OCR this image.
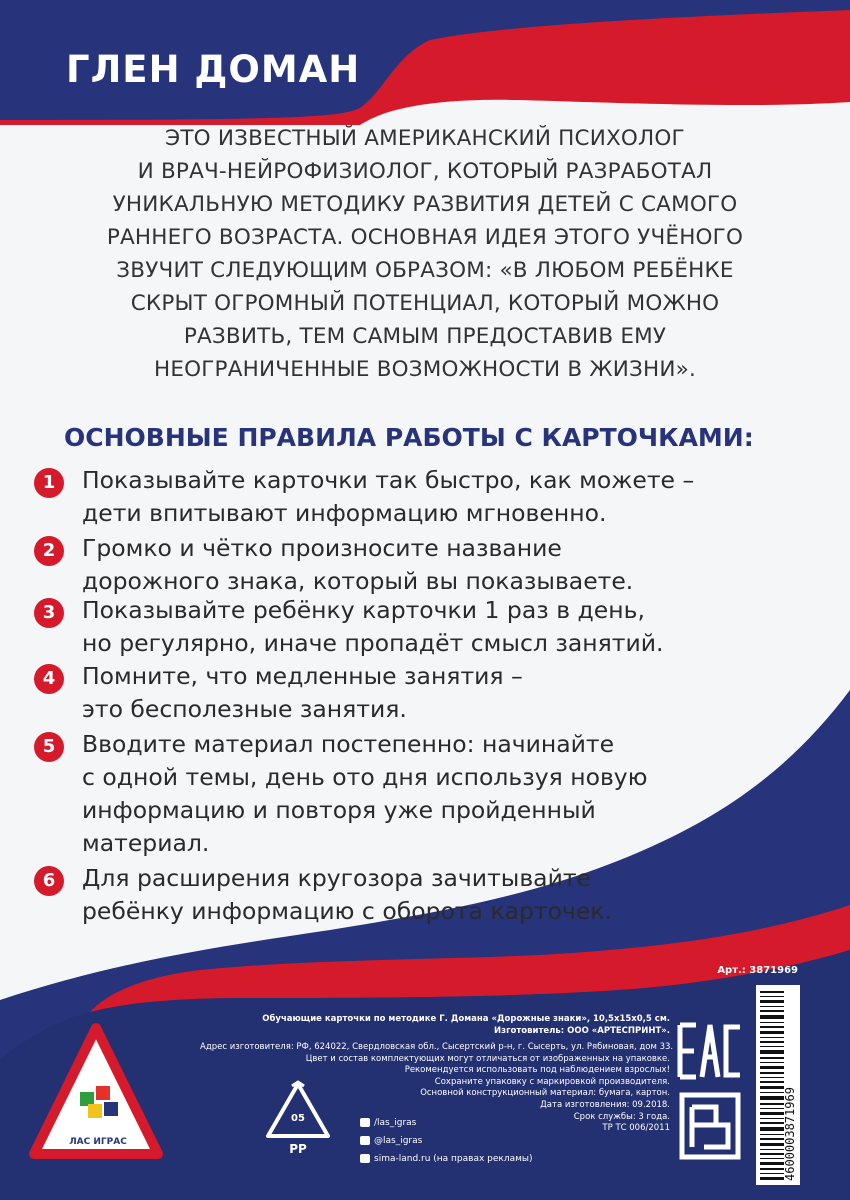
ГЛЕН ДОМАН

ЭТО ИЗВЕСТНЫЙ АМЕРИКАНСКИЙ ПСИХОЛОГ
И ВРАЧ-НЕЙРОФИЗИОЛОГ, КОТОРЫЙ РАЗРАБОТАЛ
УНИКАЛЬНУЮ МЕТОДИКУ РАЗВИТИЯ ДЕТЕЙ С САМОГО
РАННЕГО ВОЗРАСТА. ОСНОВНАЯ ИДЕЯ ЭТОГО УЧЁНОГО
ЗВУЧИТ СЛЕДУЮЩИМ ОБРАЗОМ: «В ЛЮБОМ РЕБЁНКЕ
СКРЫТ ОГРОМНЫЙ ПОТЕНЦИАЛ, КОТОРЫЙ МОЖНО
РАЗВИТЬ, ТЕМ САМЫМ ПРЕДОСТАВИВ ЕМУ
НЕОГРАНИЧЕННЫЕ ВОЗМОЖНОСТИ В ЖИЗНИ».

ОСНОВНЫЕ ПРАВИЛА РАБОТЫ С КАРТОЧКАМИ:
1	Показывайте карточки так быстро, как можете –
дети впитывают информацию мгновенно.
2	Громко и чётко произносите название
дорожного знака, который вы показываете.
3	Показывайте ребёнку карточки 1 раз в день,
но регулярно, иначе пропадёт смысл занятий.
4	Помните, что медленные занятия –
это бесполезные занятия.
5	Вводите материал постепенно: начинайте
с одной темы, день ото дня используя новую
информацию и повторя уже пройденный
материал.
6	Для расширения кругозора зачитывайте
ребёнку информацию с оборота карточек.
Арт.: 3871969
Обучающие карточки по методике Г. Домана «Дорожные знаки», 10,5х15х0,5 см.
Изготовитель: ООО «АРТЕСПРИНТ».
Адрес изготовителя: РФ, 624022, Свердловская обл., Сысертский р-н, г. Сысерть, ул. Рябиновая, дом 33.
Цвет и состав комплектующих могут отличаться от изображенных на упаковке.
Рекомендуется использовать под наблюдением взрослых!
Сохраните упаковку с маркировкой производителя.
Основной конструкционный материал: бумага, картон.
Дата изготовления: 09.2018.
Срок службы: 3 года.
ТР ТС 006/2011
/las_igras
@las_igras
sima-land.ru (на правах рекламы)
ЛАС ИГРАС
05
PP	4600003871969
